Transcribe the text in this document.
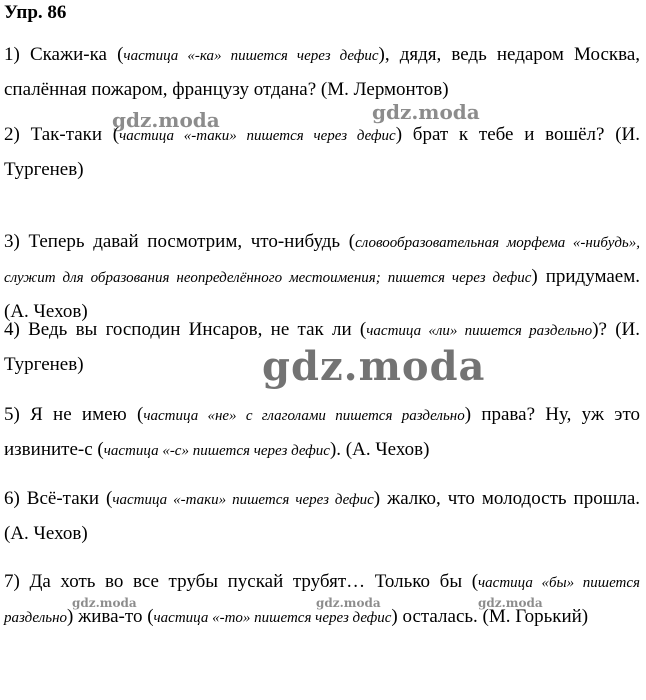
Упр. 86
1) Скажи-ка (частица «-ка» пишется через дефис), дядя, ведь недаром Москва, спалённая пожаром, французу отдана? (М. Лермонтов)
2) Так-таки (частица «-таки» пишется через дефис) брат к тебе и вошёл? (И. Тургенев)
3) Теперь давай посмотрим, что-нибудь (словообразовательная морфема «-нибудь», служит для образования неопределённого местоимения; пишется через дефис) придумаем. (А. Чехов)
4) Ведь вы господин Инсаров, не так ли (частица «ли» пишется раздельно)? (И. Тургенев)
5) Я не имею (частица «не» с глаголами пишется раздельно) права? Ну, уж это извините-с (частица «-с» пишется через дефис). (А. Чехов)
6) Всё-таки (частица «-таки» пишется через дефис) жалко, что молодость прошла. (А. Чехов)
7) Да хоть во все трубы пускай трубят… Только бы (частица «бы» пишется раздельно) жива-то (частица «-то» пишется через дефис) осталась. (М. Горький)
gdz.moda	gdz.moda
gdz.moda
gdz.moda	gdz.moda	gdz.moda
